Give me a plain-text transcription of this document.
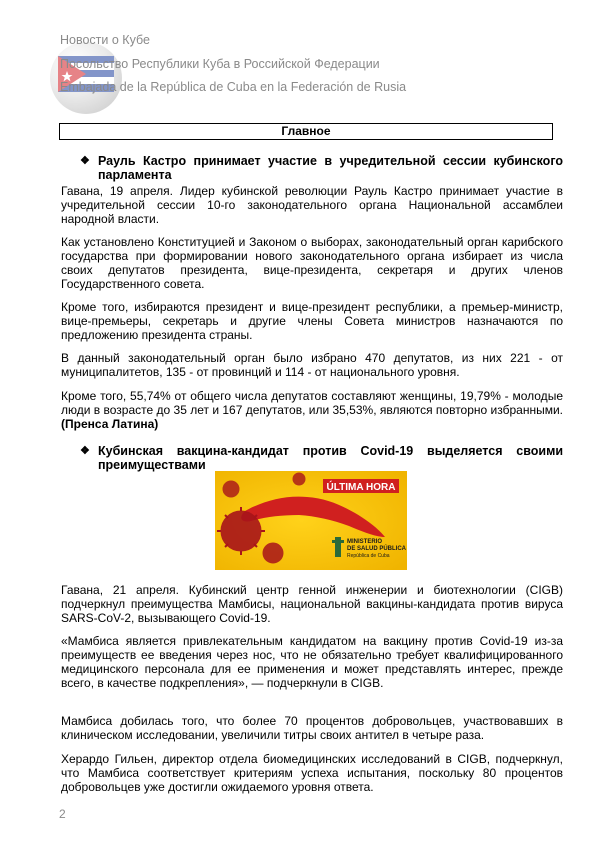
Новости о Кубе
Посольство Республики Куба в Российской Федерации
Embajada de la República de Cuba en la Federación de Rusia
Главное
❖ Рауль Кастро принимает участие в учредительной сессии кубинского парламента
Гавана, 19 апреля. Лидер кубинской революции Рауль Кастро принимает участие в учредительной сессии 10-го законодательного органа Национальной ассамблеи народной власти.
Как установлено Конституцией и Законом о выборах, законодательный орган карибского государства при формировании нового законодательного органа избирает из числа своих депутатов президента, вице-президента, секретаря и других членов Государственного совета.
Кроме того, избираются президент и вице-президент республики, а премьер-министр, вице-премьеры, секретарь и другие члены Совета министров назначаются по предложению президента страны.
В данный законодательный орган было избрано 470 депутатов, из них 221 - от муниципалитетов, 135 - от провинций и 114 - от национального уровня.
Кроме того, 55,74% от общего числа депутатов составляют женщины, 19,79% - молодые люди в возрасте до 35 лет и 167 депутатов, или 35,53%, являются повторно избранными. (Пренса Латина)
❖ Кубинская вакцина-кандидат против Covid-19 выделяется своими преимуществами
ÚLTIMA HORA
MINISTERIO
DE SALUD PÚBLICA
República de Cuba
Гавана, 21 апреля. Кубинский центр генной инженерии и биотехнологии (CIGB) подчеркнул преимущества Мамбисы, национальной вакцины-кандидата против вируса SARS-CoV-2, вызывающего Covid-19.
«Мамбиса является привлекательным кандидатом на вакцину против Covid-19 из-за преимуществ ее введения через нос, что не обязательно требует квалифицированного медицинского персонала для ее применения и может представлять интерес, прежде всего, в качестве подкрепления», — подчеркнули в CIGB.
Мамбиса добилась того, что более 70 процентов добровольцев, участвовавших в клиническом исследовании, увеличили титры своих антител в четыре раза.
Херардо Гильен, директор отдела биомедицинских исследований в CIGB, подчеркнул, что Мамбиса соответствует критериям успеха испытания, поскольку 80 процентов добровольцев уже достигли ожидаемого уровня ответа.
2
